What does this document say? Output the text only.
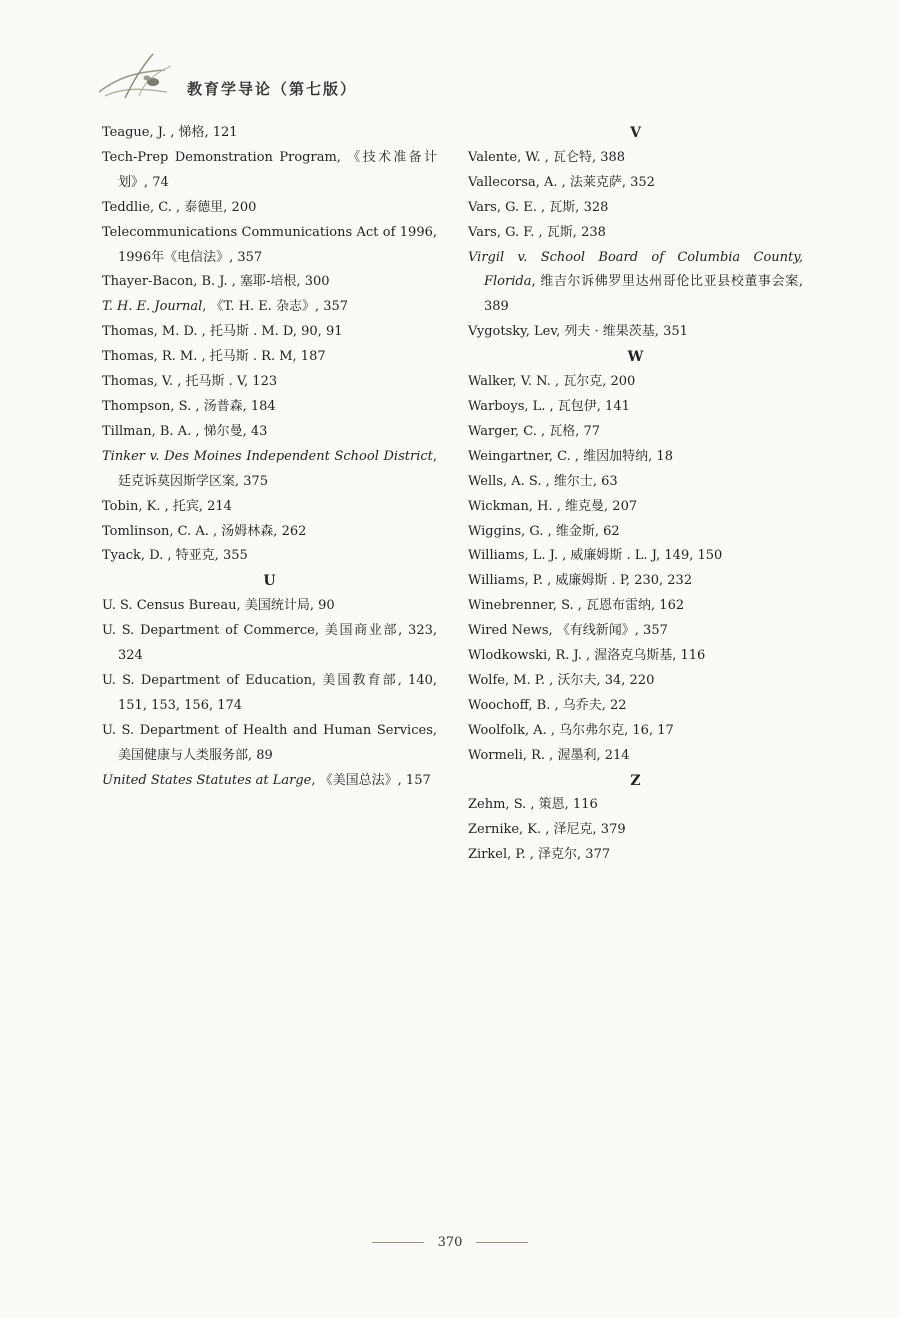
教育学导论（第七版）
Teague, J. , 悌格, 121
Tech-Prep Demonstration Program, 《技术准备计划》, 74
Teddlie, C. , 泰德里, 200
Telecommunications Communications Act of 1996, 1996年《电信法》, 357
Thayer-Bacon, B. J. , 塞耶-培根, 300
T. H. E. Journal, 《T. H. E. 杂志》, 357
Thomas, M. D. , 托马斯 . M. D, 90, 91
Thomas, R. M. , 托马斯 . R. M, 187
Thomas, V. , 托马斯 . V, 123
Thompson, S. , 汤普森, 184
Tillman, B. A. , 悌尔曼, 43
Tinker v. Des Moines Independent School District, 廷克诉莫因斯学区案, 375
Tobin, K. , 托宾, 214
Tomlinson, C. A. , 汤姆林森, 262
Tyack, D. , 特亚克, 355
U
U. S. Census Bureau, 美国统计局, 90
U. S. Department of Commerce, 美国商业部, 323, 324
U. S. Department of Education, 美国教育部, 140, 151, 153, 156, 174
U. S. Department of Health and Human Services, 美国健康与人类服务部, 89
United States Statutes at Large, 《美国总法》, 157
V
Valente, W. , 瓦仑特, 388
Vallecorsa, A. , 法莱克萨, 352
Vars, G. E. , 瓦斯, 328
Vars, G. F. , 瓦斯, 238
Virgil v. School Board of Columbia County, Florida, 维吉尔诉佛罗里达州哥伦比亚县校董事会案, 389
Vygotsky, Lev, 列夫 · 维果茨基, 351
W
Walker, V. N. , 瓦尔克, 200
Warboys, L. , 瓦包伊, 141
Warger, C. , 瓦格, 77
Weingartner, C. , 维因加特纳, 18
Wells, A. S. , 维尔士, 63
Wickman, H. , 维克曼, 207
Wiggins, G. , 维金斯, 62
Williams, L. J. , 威廉姆斯 . L. J, 149, 150
Williams, P. , 威廉姆斯 . P, 230, 232
Winebrenner, S. , 瓦恩布雷纳, 162
Wired News, 《有线新闻》, 357
Wlodkowski, R. J. , 渥洛克乌斯基, 116
Wolfe, M. P. , 沃尔夫, 34, 220
Woochoff, B. , 乌乔夫, 22
Woolfolk, A. , 乌尔弗尔克, 16, 17
Wormeli, R. , 渥墨利, 214
Z
Zehm, S. , 策恩, 116
Zernike, K. , 泽尼克, 379
Zirkel, P. , 泽克尔, 377
370
